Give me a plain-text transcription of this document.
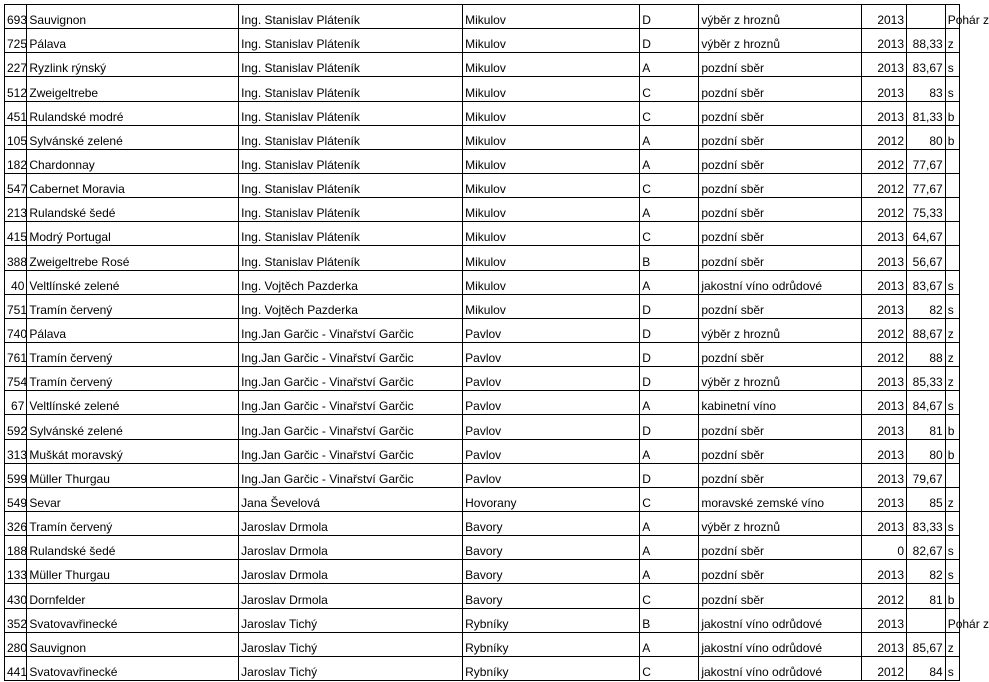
693	Sauvignon	Ing. Stanislav Pláteník	Mikulov	D	výběr z hroznů	2013		Pohár z
725	Pálava	Ing. Stanislav Pláteník	Mikulov	D	výběr z hroznů	2013	88,33	z
227	Ryzlink rýnský	Ing. Stanislav Pláteník	Mikulov	A	pozdní sběr	2013	83,67	s
512	Zweigeltrebe	Ing. Stanislav Pláteník	Mikulov	C	pozdní sběr	2013	83	s
451	Rulandské modré	Ing. Stanislav Pláteník	Mikulov	C	pozdní sběr	2013	81,33	b
105	Sylvánské zelené	Ing. Stanislav Pláteník	Mikulov	A	pozdní sběr	2012	80	b
182	Chardonnay	Ing. Stanislav Pláteník	Mikulov	A	pozdní sběr	2012	77,67	
547	Cabernet Moravia	Ing. Stanislav Pláteník	Mikulov	C	pozdní sběr	2012	77,67	
213	Rulandské šedé	Ing. Stanislav Pláteník	Mikulov	A	pozdní sběr	2012	75,33	
415	Modrý Portugal	Ing. Stanislav Pláteník	Mikulov	C	pozdní sběr	2013	64,67	
388	Zweigeltrebe Rosé	Ing. Stanislav Pláteník	Mikulov	B	pozdní sběr	2013	56,67	
40	Veltlínské zelené	Ing. Vojtěch Pazderka	Mikulov	A	jakostní víno odrůdové	2013	83,67	s
751	Tramín červený	Ing. Vojtěch Pazderka	Mikulov	D	pozdní sběr	2013	82	s
740	Pálava	Ing.Jan Garčic - Vinařství Garčic	Pavlov	D	výběr z hroznů	2012	88,67	z
761	Tramín červený	Ing.Jan Garčic - Vinařství Garčic	Pavlov	D	pozdní sběr	2012	88	z
754	Tramín červený	Ing.Jan Garčic - Vinařství Garčic	Pavlov	D	výběr z hroznů	2013	85,33	z
67	Veltlínské zelené	Ing.Jan Garčic - Vinařství Garčic	Pavlov	A	kabinetní víno	2013	84,67	s
592	Sylvánské zelené	Ing.Jan Garčic - Vinařství Garčic	Pavlov	D	pozdní sběr	2013	81	b
313	Muškát moravský	Ing.Jan Garčic - Vinařství Garčic	Pavlov	A	pozdní sběr	2013	80	b
599	Müller Thurgau	Ing.Jan Garčic - Vinařství Garčic	Pavlov	D	pozdní sběr	2013	79,67	
549	Sevar	Jana Ševelová	Hovorany	C	moravské zemské víno	2013	85	z
326	Tramín červený	Jaroslav Drmola	Bavory	A	výběr z hroznů	2013	83,33	s
188	Rulandské šedé	Jaroslav Drmola	Bavory	A	pozdní sběr	0	82,67	s
133	Müller Thurgau	Jaroslav Drmola	Bavory	A	pozdní sběr	2013	82	s
430	Dornfelder	Jaroslav Drmola	Bavory	C	pozdní sběr	2012	81	b
352	Svatovavřinecké	Jaroslav Tichý	Rybníky	B	jakostní víno odrůdové	2013		Pohár z
280	Sauvignon	Jaroslav Tichý	Rybníky	A	jakostní víno odrůdové	2013	85,67	z
441	Svatovavřinecké	Jaroslav Tichý	Rybníky	C	jakostní víno odrůdové	2012	84	s
